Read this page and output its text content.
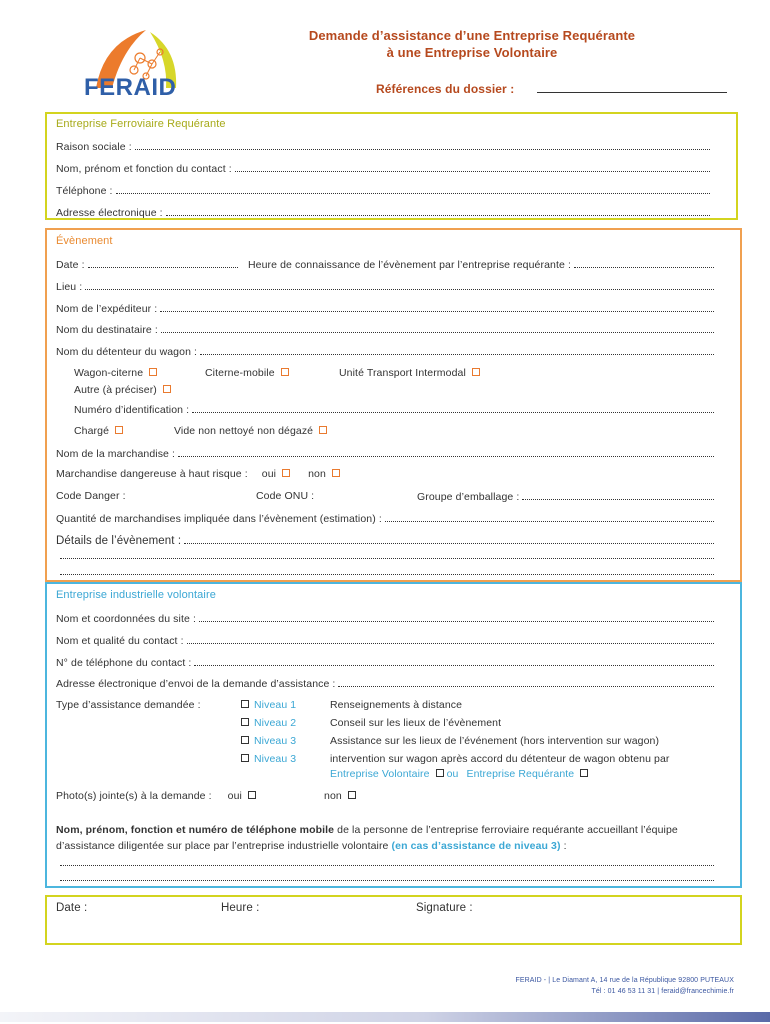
FERAID
Demande d’assistance d’une Entreprise Requérante
à une Entreprise Volontaire
Références du dossier :
Entreprise Ferroviaire Requérante
Raison sociale :
Nom, prénom et fonction du contact :
Téléphone :
Adresse électronique :
Évènement
Date :	Heure de connaissance de l’évènement par l’entreprise requérante :
Lieu :
Nom de l’expéditeur :
Nom du destinataire :
Nom du détenteur du wagon :
Wagon-citerne	Citerne-mobile	Unité Transport Intermodal
Autre (à préciser)
Numéro d’identification :
Chargé	Vide non nettoyé non dégazé
Nom de la marchandise :
Marchandise dangereuse à haut risque : oui	non
Code Danger :	Code ONU :	Groupe d’emballage :
Quantité de marchandises impliquée dans l’évènement (estimation) :
Détails de l’évènement :
Entreprise industrielle volontaire
Nom et coordonnées du site :
Nom et qualité du contact :
N° de téléphone du contact :
Adresse électronique d’envoi de la demande d’assistance :
Type d’assistance demandée :	Niveau 1	Renseignements à distance
Niveau 2	Conseil sur les lieux de l’évènement
Niveau 3	Assistance sur les lieux de l’événement (hors intervention sur wagon)
Niveau 3	intervention sur wagon après accord du détenteur de wagon obtenu par
Entreprise Volontaire ou Entreprise Requérante
Photo(s) jointe(s) à la demande : oui	non
Nom, prénom, fonction et numéro de téléphone mobile de la personne de l’entreprise ferroviaire requérante accueillant l’équipe d’assistance diligentée sur place par l’entreprise industrielle volontaire (en cas d’assistance de niveau 3) :
Date :	Heure :	Signature :
FERAID - | Le Diamant A, 14 rue de la République 92800 PUTEAUX
Tél : 01 46 53 11 31 | feraid@francechimie.fr
